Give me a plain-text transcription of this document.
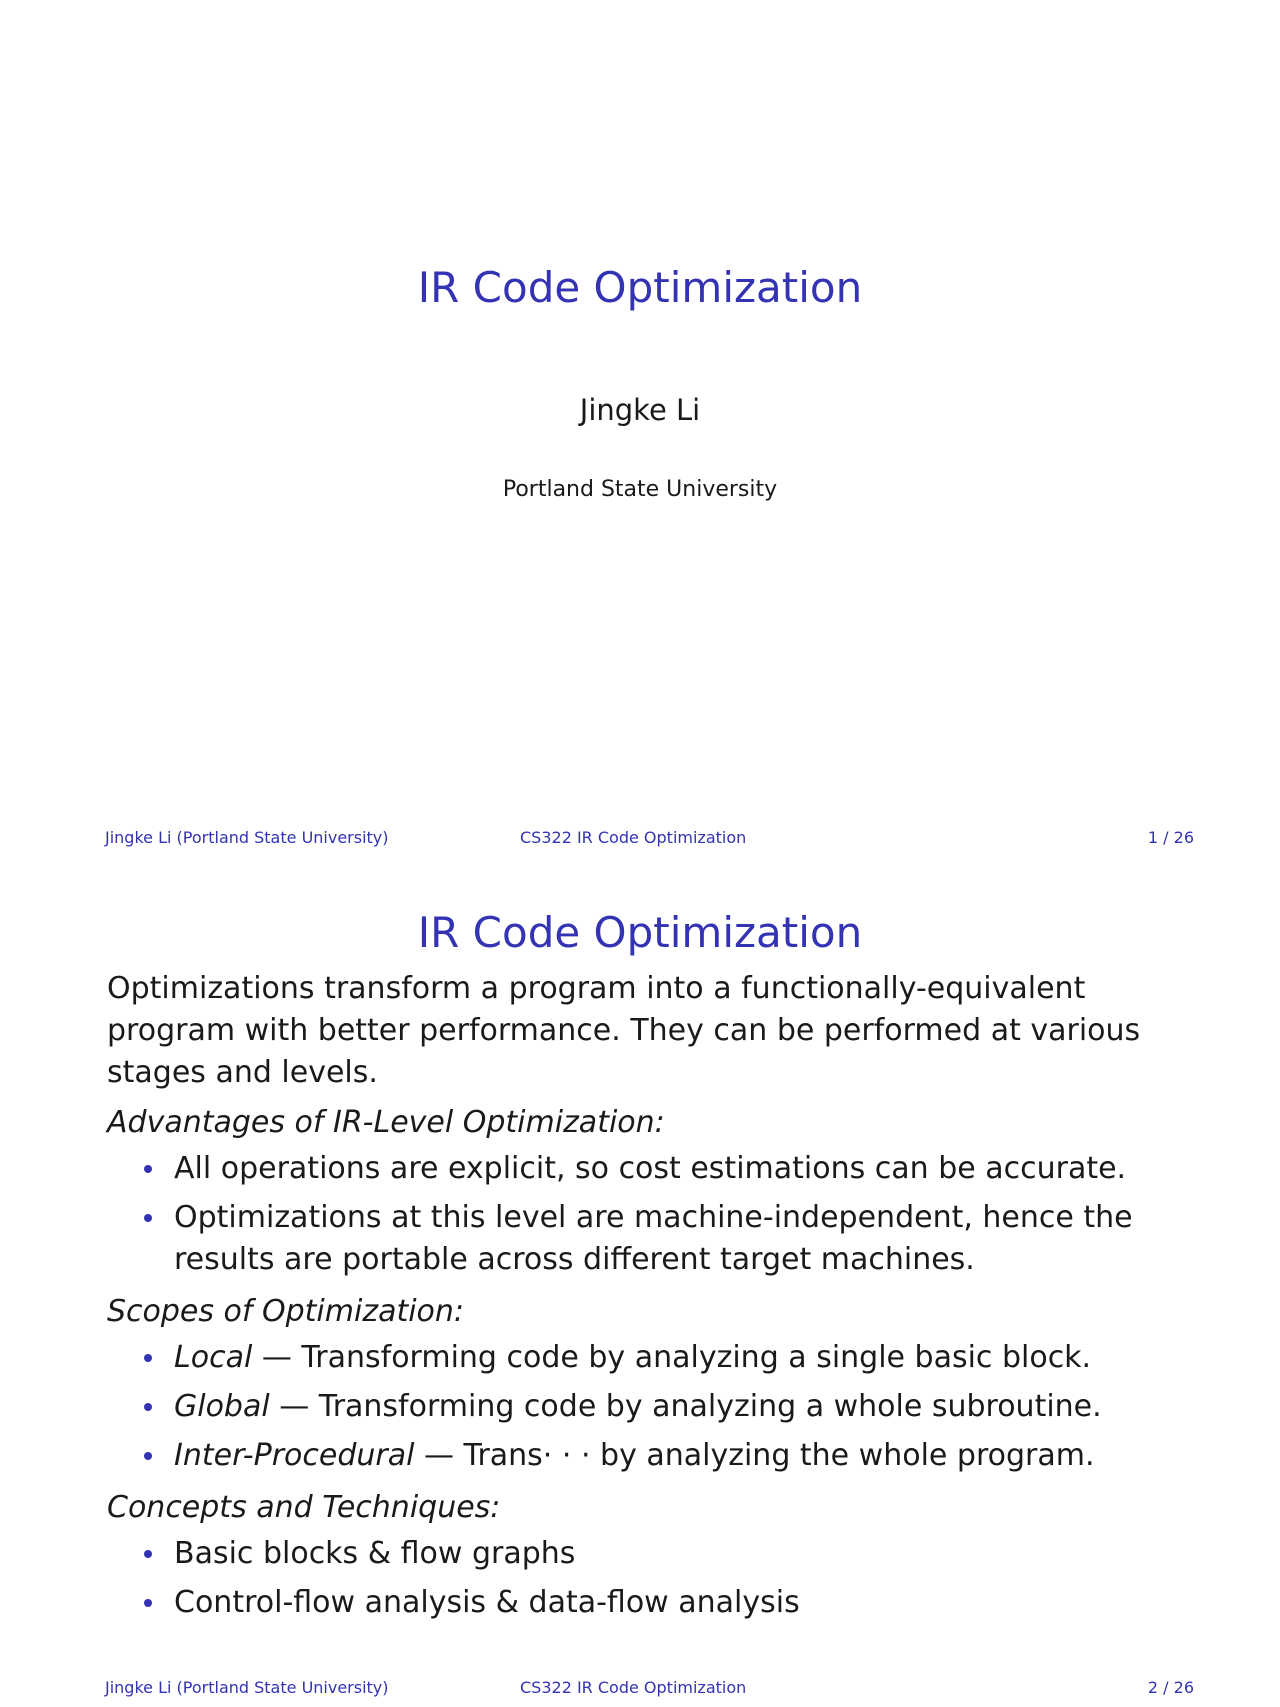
IR Code Optimization

Jingke Li

Portland State University

Jingke Li (Portland State University)	CS322 IR Code Optimization	1 / 26
IR Code Optimization

Optimizations transform a program into a functionally-equivalent program with better performance. They can be performed at various stages and levels.

Advantages of IR-Level Optimization:

All operations are explicit, so cost estimations can be accurate.
Optimizations at this level are machine-independent, hence the results are portable across different target machines.

Scopes of Optimization:

Local — Transforming code by analyzing a single basic block.
Global — Transforming code by analyzing a whole subroutine.
Inter-Procedural — Trans· · · by analyzing the whole program.

Concepts and Techniques:

Basic blocks & flow graphs
Control-flow analysis & data-flow analysis
Jingke Li (Portland State University)	CS322 IR Code Optimization	2 / 26
